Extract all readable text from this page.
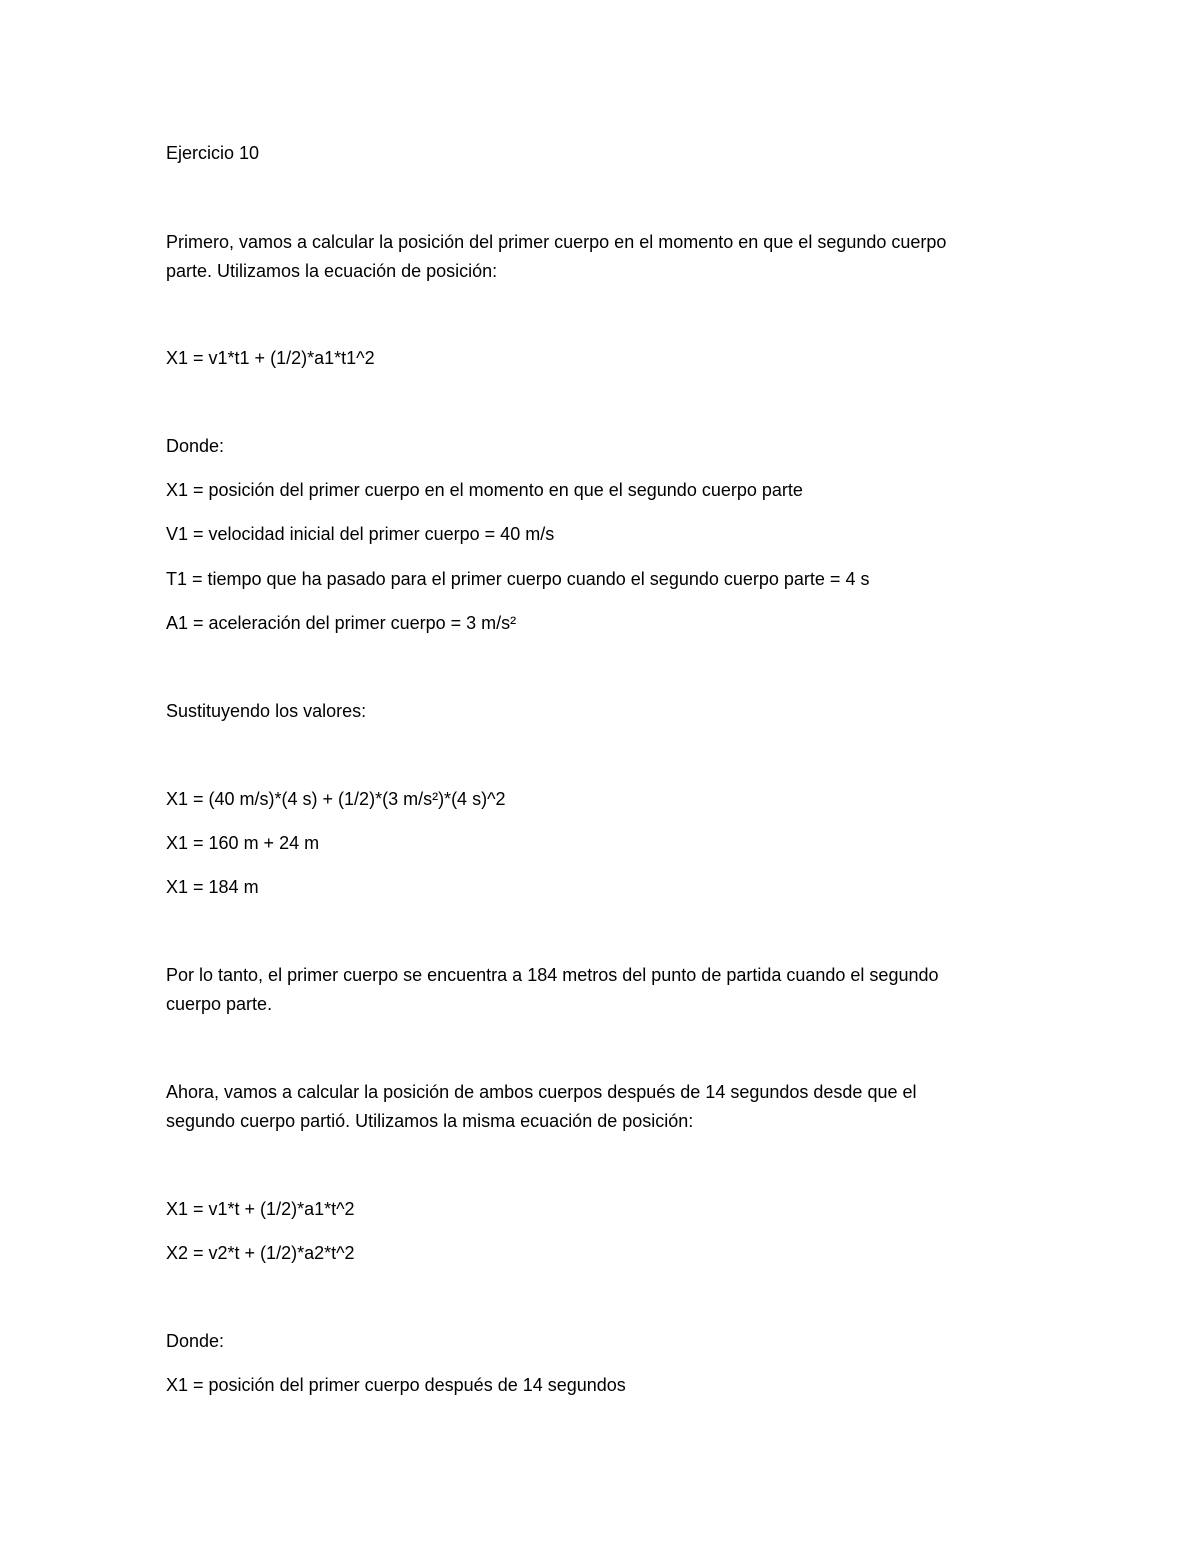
Ejercicio 10
Primero, vamos a calcular la posición del primer cuerpo en el momento en que el segundo cuerpo
parte. Utilizamos la ecuación de posición:
X1 = v1*t1 + (1/2)*a1*t1^2
Donde:
X1 = posición del primer cuerpo en el momento en que el segundo cuerpo parte
V1 = velocidad inicial del primer cuerpo = 40 m/s
T1 = tiempo que ha pasado para el primer cuerpo cuando el segundo cuerpo parte = 4 s
A1 = aceleración del primer cuerpo = 3 m/s²
Sustituyendo los valores:
X1 = (40 m/s)*(4 s) + (1/2)*(3 m/s²)*(4 s)^2
X1 = 160 m + 24 m
X1 = 184 m
Por lo tanto, el primer cuerpo se encuentra a 184 metros del punto de partida cuando el segundo
cuerpo parte.
Ahora, vamos a calcular la posición de ambos cuerpos después de 14 segundos desde que el
segundo cuerpo partió. Utilizamos la misma ecuación de posición:
X1 = v1*t + (1/2)*a1*t^2
X2 = v2*t + (1/2)*a2*t^2
Donde:
X1 = posición del primer cuerpo después de 14 segundos
